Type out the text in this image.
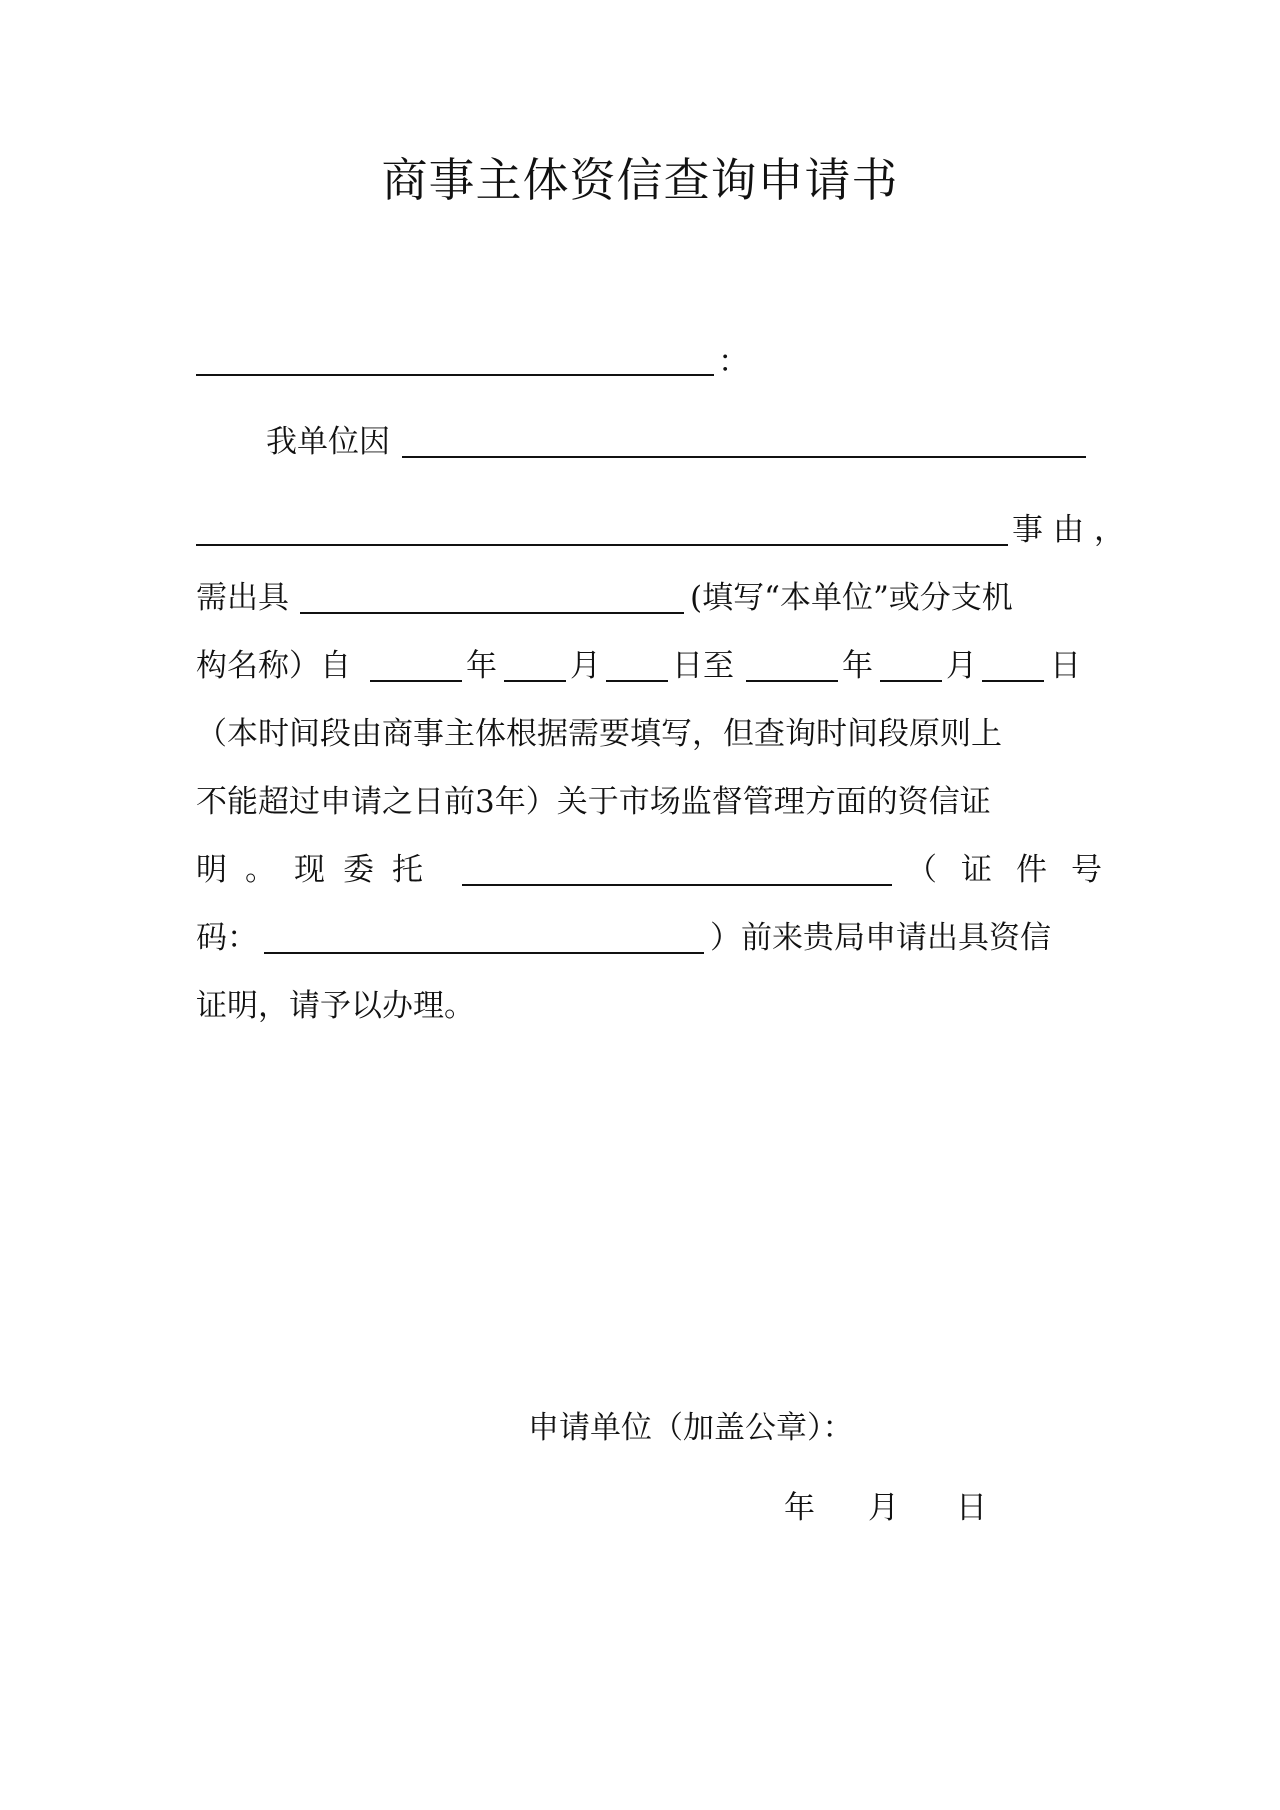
商事主体资信查询申请书
：
我单位因
事由，
需出具	(填写“本单位”或分支机
构名称）自	年 月 日至	年 月 日
（本时间段由商事主体根据需要填写，但查询时间段原则上
不能超过申请之日前3年）关于市场监督管理方面的资信证
明。现委托	（证件号
码：	）前来贵局申请出具资信
证明，请予以办理。
申请单位（加盖公章）：
年 月 日
